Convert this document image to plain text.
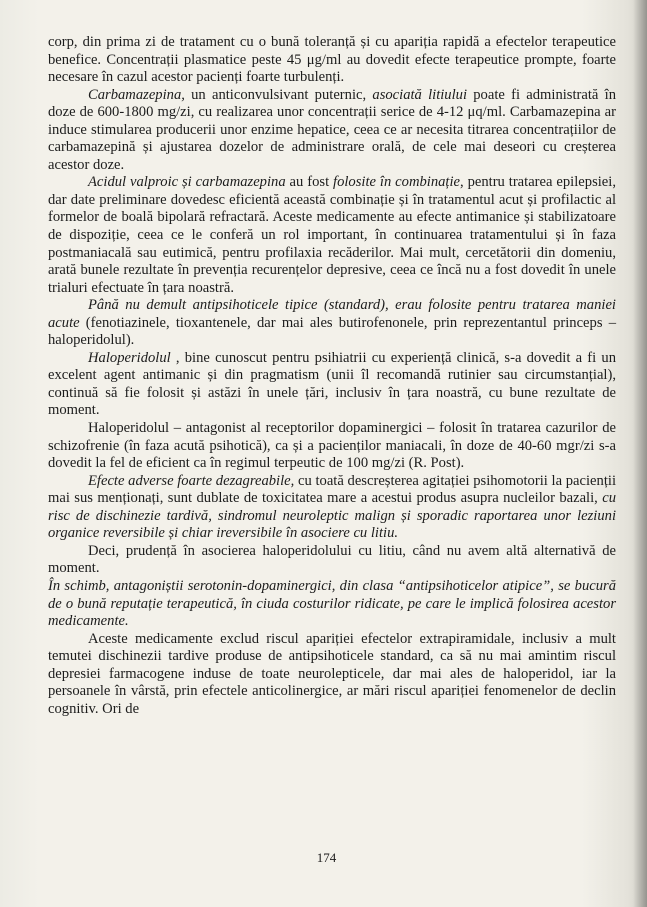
corp, din prima zi de tratament cu o bună toleranță și cu apariția rapidă a efectelor terapeutice benefice. Concentrații plasmatice peste 45 μg/ml au dovedit efecte terapeutice prompte, foarte necesare în cazul acestor pacienți foarte turbulenți.

Carbamazepina, un anticonvulsivant puternic, asociată litiului poate fi administrată în doze de 600-1800 mg/zi, cu realizarea unor concentrații serice de 4-12 μq/ml. Carbamazepina ar induce stimularea producerii unor enzime hepatice, ceea ce ar necesita titrarea concentrațiilor de carbamazepină și ajustarea dozelor de administrare orală, de cele mai deseori cu creșterea acestor doze.

Acidul valproic și carbamazepina au fost folosite în combinație, pentru tratarea epilepsiei, dar date preliminare dovedesc eficientă această combinație și în tratamentul acut și profilactic al formelor de boală bipolară refractară. Aceste medicamente au efecte antimanice și stabilizatoare de dispoziție, ceea ce le conferă un rol important, în continuarea tratamentului și în faza postmaniacală sau eutimică, pentru profilaxia recăderilor. Mai mult, cercetătorii din domeniu, arată bunele rezultate în prevenția recurențelor depresive, ceea ce încă nu a fost dovedit în unele trialuri efectuate în țara noastră.

Până nu demult antipsihoticele tipice (standard), erau folosite pentru tratarea maniei acute (fenotiazinele, tioxantenele, dar mai ales butirofenonele, prin reprezentantul princeps – haloperidolul).

Haloperidolul , bine cunoscut pentru psihiatrii cu experiență clinică, s-a dovedit a fi un excelent agent antimanic și din pragmatism (unii îl recomandă rutinier sau circumstanțial), continuă să fie folosit și astăzi în unele țări, inclusiv în țara noastră, cu bune rezultate de moment.

Haloperidolul – antagonist al receptorilor dopaminergici – folosit în tratarea cazurilor de schizofrenie (în faza acută psihotică), ca și a pacienților maniacali, în doze de 40-60 mgr/zi s-a dovedit la fel de eficient ca în regimul terpeutic de 100 mg/zi (R. Post).

Efecte adverse foarte dezagreabile, cu toată descreșterea agitației psihomotorii la pacienții mai sus menționați, sunt dublate de toxicitatea mare a acestui produs asupra nucleilor bazali, cu risc de dischinezie tardivă, sindromul neuroleptic malign și sporadic raportarea unor leziuni organice reversibile și chiar ireversibile în asociere cu litiu.

Deci, prudență în asocierea haloperidolului cu litiu, când nu avem altă alternativă de moment.

În schimb, antagoniștii serotonin-dopaminergici, din clasa “antipsihoticelor atipice”, se bucură de o bună reputație terapeutică, în ciuda costurilor ridicate, pe care le implică folosirea acestor medicamente.

Aceste medicamente exclud riscul apariției efectelor extrapiramidale, inclusiv a mult temutei dischinezii tardive produse de antipsihoticele standard, ca să nu mai amintim riscul depresiei farmacogene induse de toate neurolepticele, dar mai ales de haloperidol, iar la persoanele în vârstă, prin efectele anticolinergice, ar mări riscul apariției fenomenelor de declin cognitiv. Ori de

174
